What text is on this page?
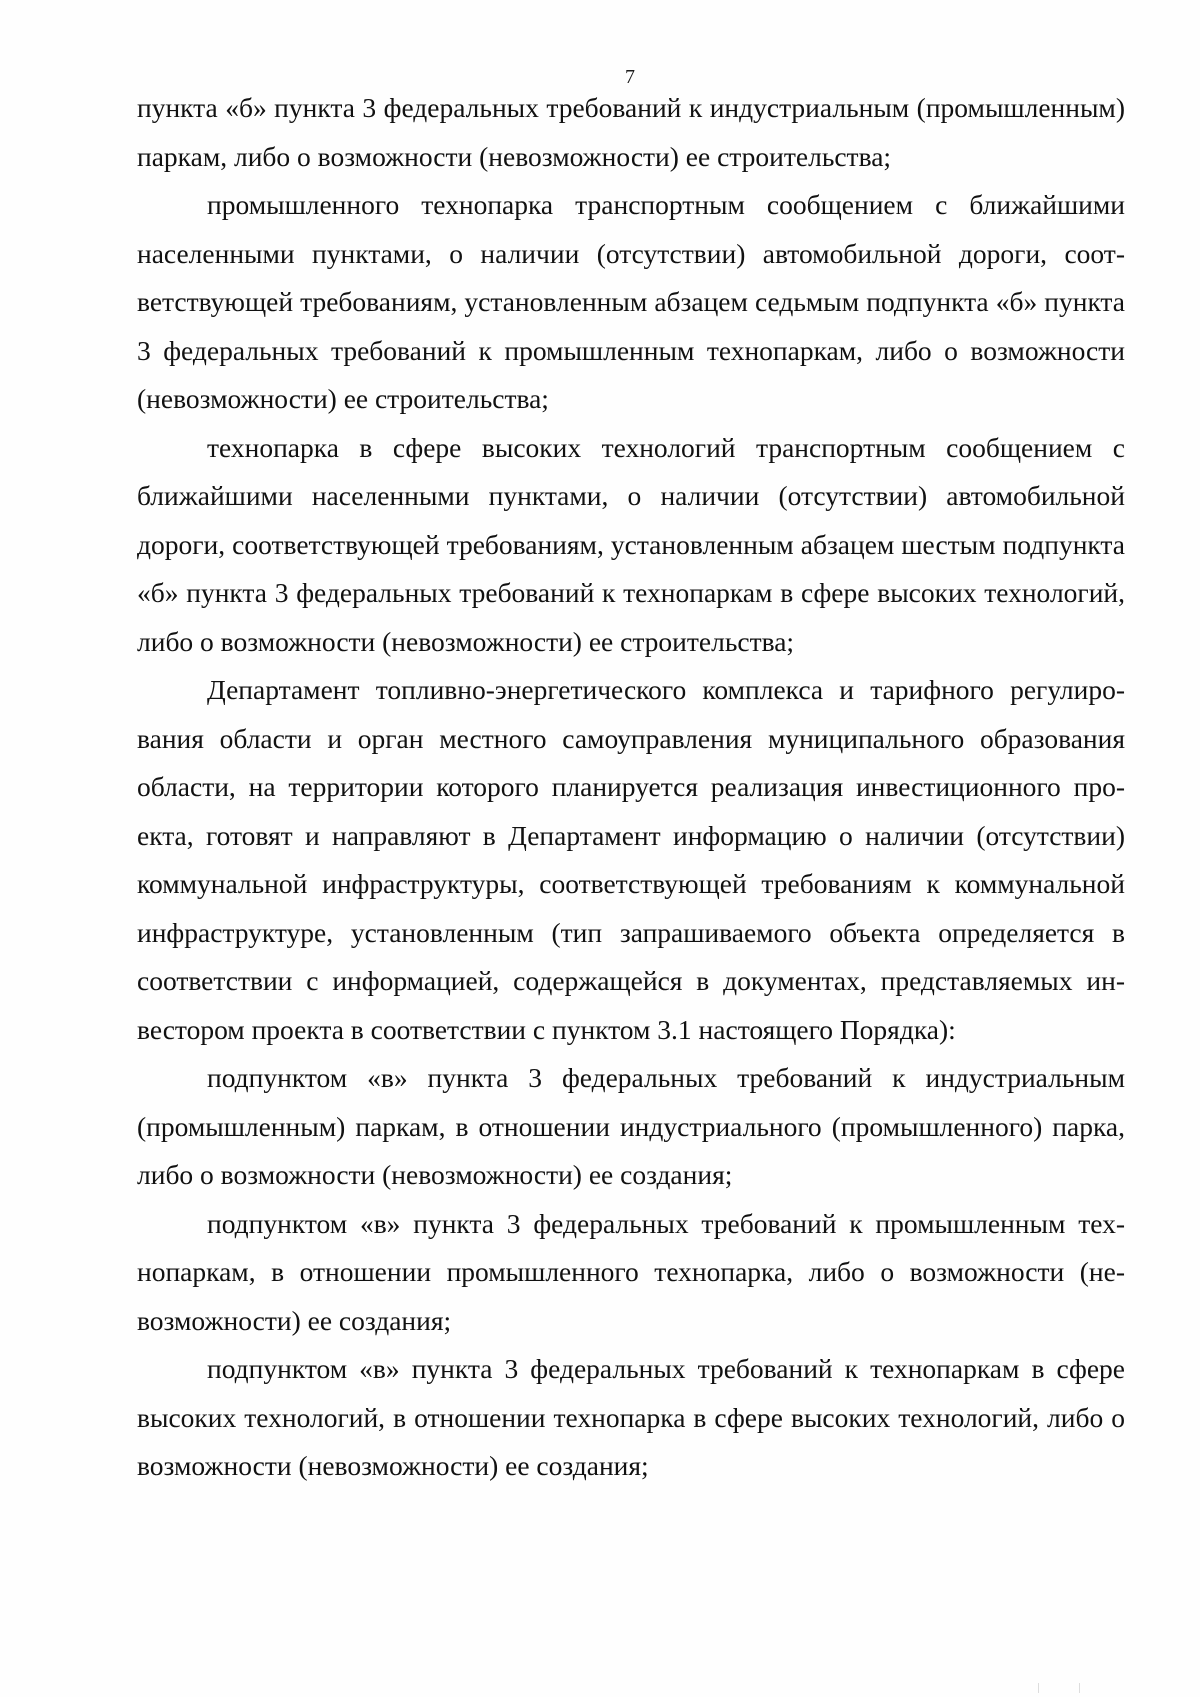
7

пункта «б» пункта 3 федеральных требований к индустриальным (промышленным) паркам, либо о возможности (невозможности) ее строительства;

промышленного технопарка транспортным сообщением с ближайшими населенными пунктами, о наличии (отсутствии) автомобильной дороги, соответствующей требованиям, установленным абзацем седьмым подпункта «б» пункта 3 федеральных требований к промышленным технопаркам, либо о возможности (невозможности) ее строительства;

технопарка в сфере высоких технологий транспортным сообщением с ближайшими населенными пунктами, о наличии (отсутствии) автомобильной дороги, соответствующей требованиям, установленным абзацем шестым подпункта «б» пункта 3 федеральных требований к технопаркам в сфере высоких технологий, либо о возможности (невозможности) ее строительства;

Департамент топливно-энергетического комплекса и тарифного регулирования области и орган местного самоуправления муниципального образования области, на территории которого планируется реализация инвестиционного проекта, готовят и направляют в Департамент информацию о наличии (отсутствии) коммунальной инфраструктуры, соответствующей требованиям к коммунальной инфраструктуре, установленным (тип запрашиваемого объекта определяется в соответствии с информацией, содержащейся в документах, представляемых инвестором проекта в соответствии с пунктом 3.1 настоящего Порядка):

подпунктом «в» пункта 3 федеральных требований к индустриальным (промышленным) паркам, в отношении индустриального (промышленного) парка, либо о возможности (невозможности) ее создания;

подпунктом «в» пункта 3 федеральных требований к промышленным технопаркам, в отношении промышленного технопарка, либо о возможности (невозможности) ее создания;

подпунктом «в» пункта 3 федеральных требований к технопаркам в сфере высоких технологий, в отношении технопарка в сфере высоких технологий, либо о возможности (невозможности) ее создания;
